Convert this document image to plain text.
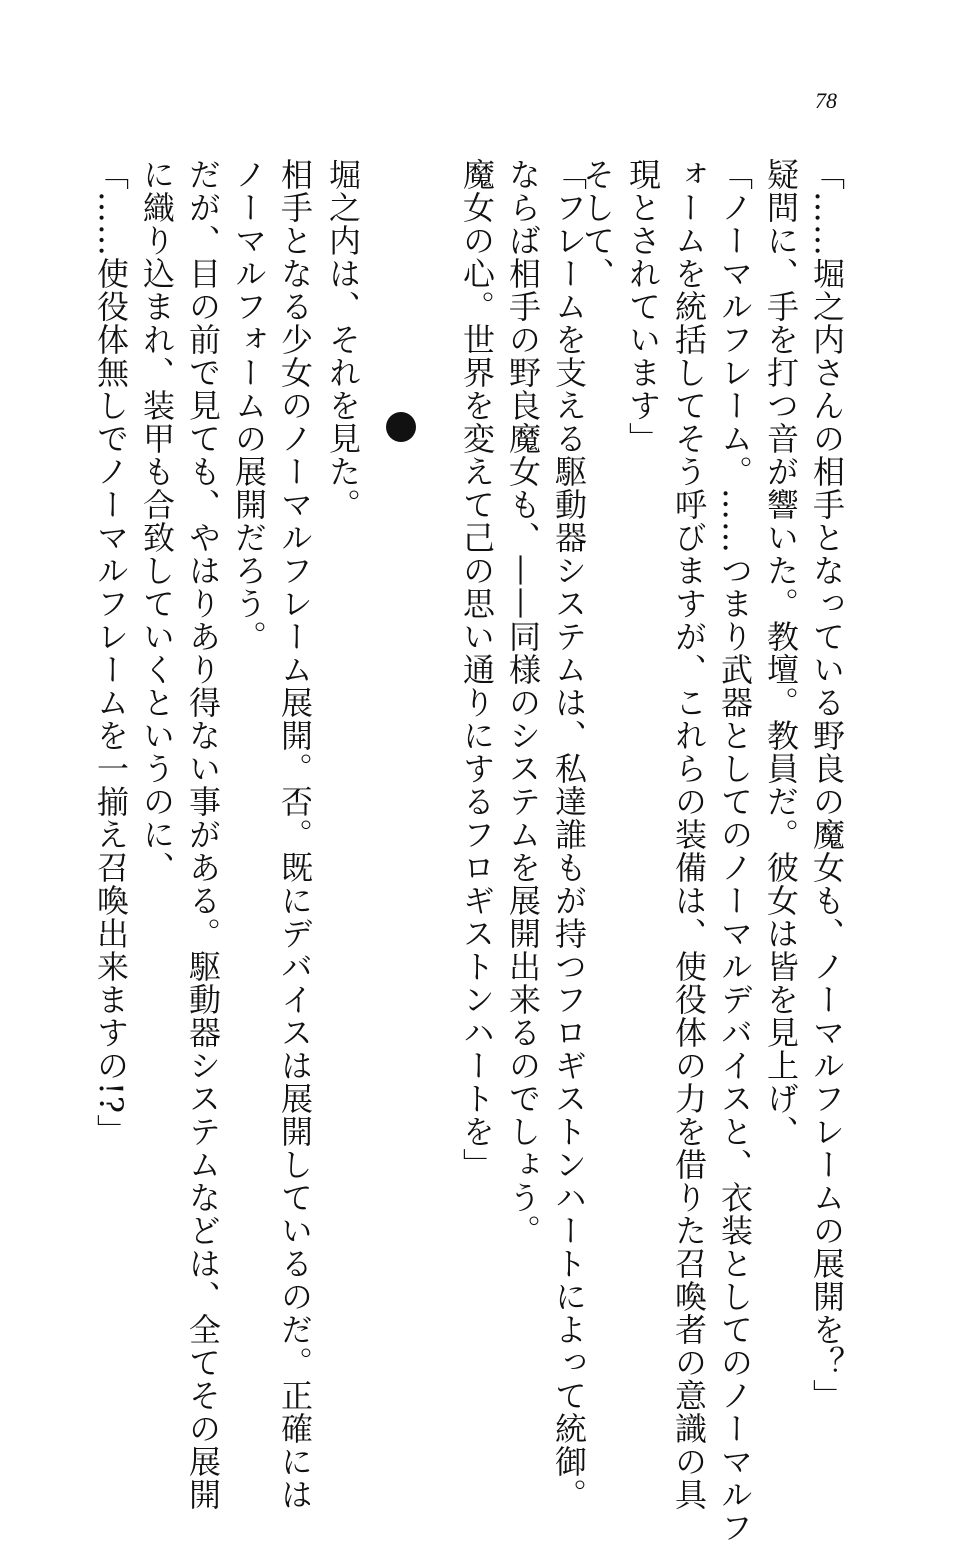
78
「……堀之内さんの相手となっている野良の魔女も、ノーマルフレームの展開を？」
疑問に、手を打つ音が響いた。教壇。教員だ。彼女は皆を見上げ、
「ノーマルフレーム。……つまり武器としてのノーマルデバイスと、衣装としてのノーマルフ
ォームを統括してそう呼びますが、これらの装備は、使役体の力を借りた召喚者の意識の具
現とされています」
そして、
「フレームを支える駆動器システムは、私達誰もが持つフロギストンハートによって統御。
ならば相手の野良魔女も、——同様のシステムを展開出来るのでしょう。
魔女の心。世界を変えて己の思い通りにするフロギストンハートを」
堀之内は、それを見た。
相手となる少女のノーマルフレーム展開。否。既にデバイスは展開しているのだ。正確には
ノーマルフォームの展開だろう。
だが、目の前で見ても、やはりあり得ない事がある。駆動器システムなどは、全てその展開
に織り込まれ、装甲も合致していくというのに、
「……使役体無しでノーマルフレームを一揃え召喚出来ますの!?」
